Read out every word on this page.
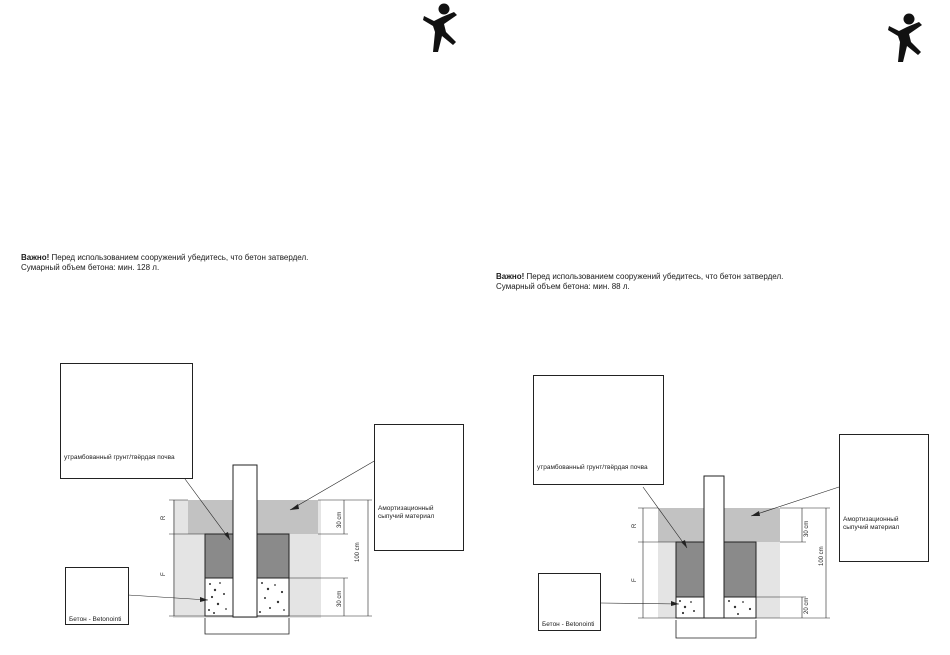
Важно! Перед использованием сооружений убедитесь, что бетон затвердел.
Сумарный объем бетона: мин. 128 л.
R
F
30 cm
100 cm
30 cm
утрамбованный грунт/твёрдая почва
Амортизационный
сыпучий материал
Бетон - Betonointi
Важно! Перед использованием сооружений убедитесь, что бетон затвердел.
Сумарный объем бетона: мин. 88 л.
R
F
30 cm
100 cm
20 cm
утрамбованный грунт/твёрдая почва
Амортизационный
сыпучий материал
Бетон - Betonointi
